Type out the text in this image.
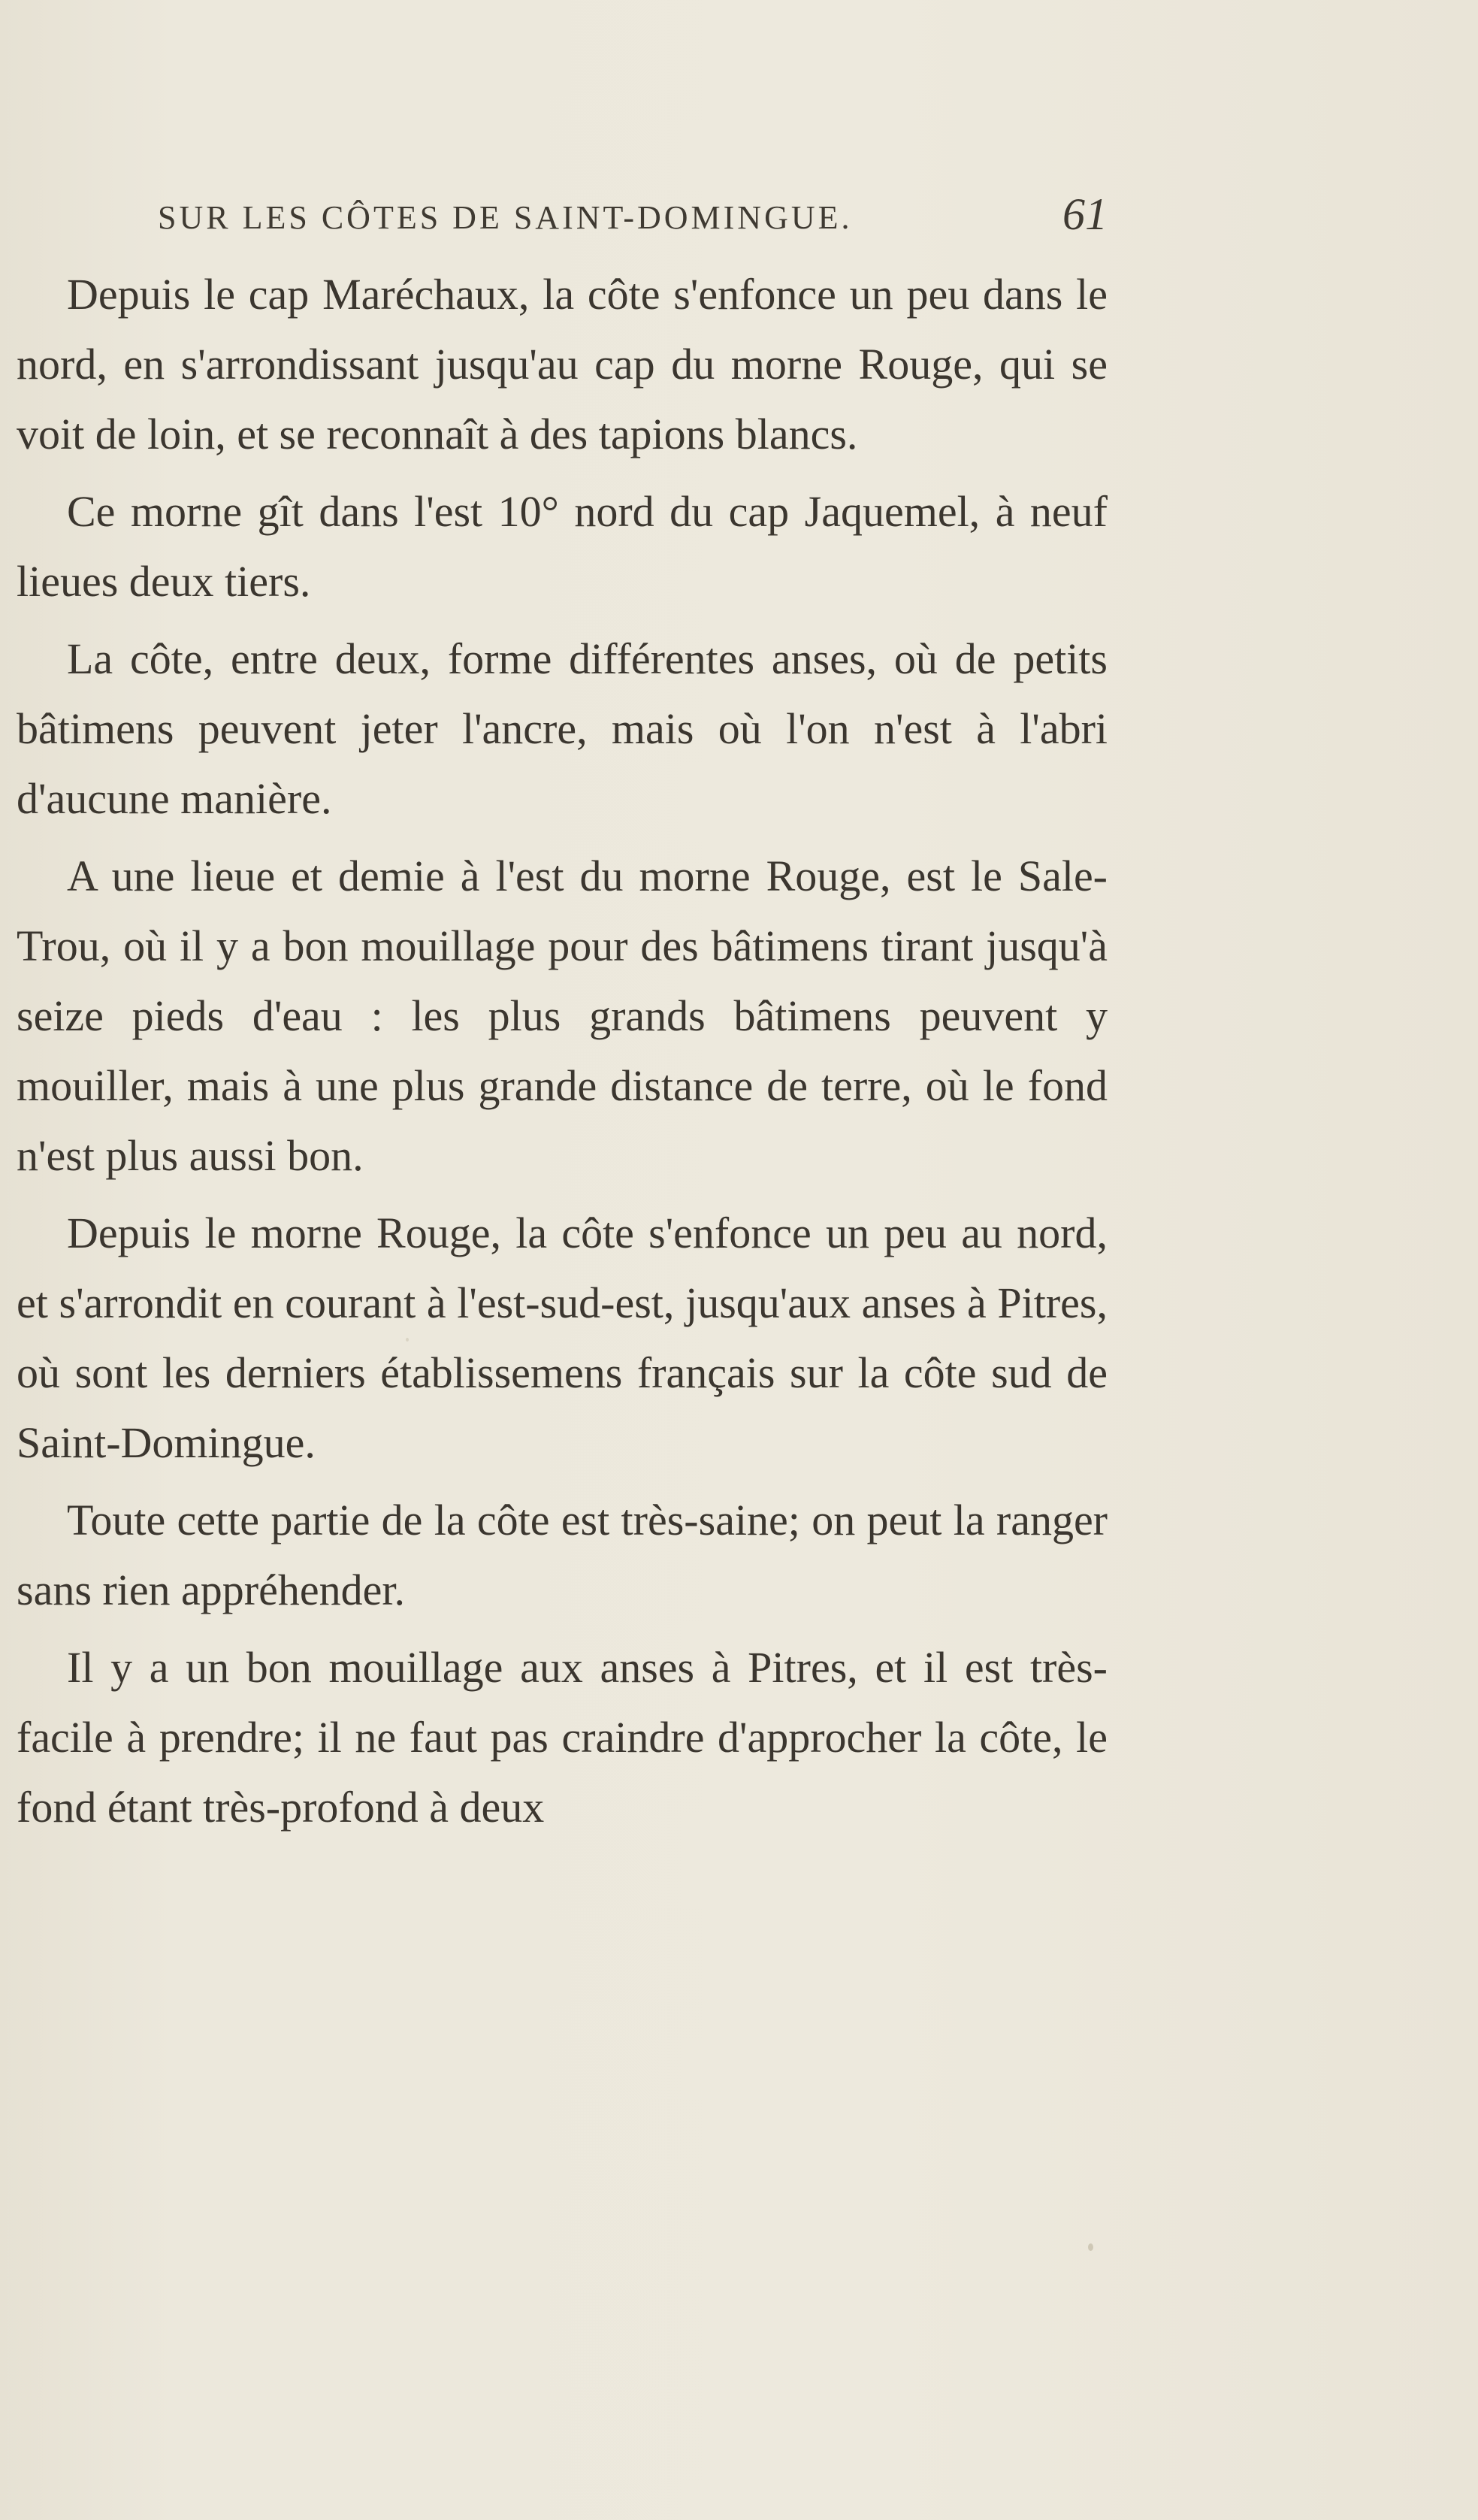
SUR LES CÔTES DE SAINT-DOMINGUE.	61

Depuis le cap Maréchaux, la côte s'enfonce un peu dans le nord, en s'arrondissant jusqu'au cap du morne Rouge, qui se voit de loin, et se reconnaît à des tapions blancs.

Ce morne gît dans l'est 10° nord du cap Jaquemel, à neuf lieues deux tiers.

La côte, entre deux, forme différentes anses, où de petits bâtimens peuvent jeter l'ancre, mais où l'on n'est à l'abri d'aucune manière.

A une lieue et demie à l'est du morne Rouge, est le Sale-Trou, où il y a bon mouillage pour des bâtimens tirant jusqu'à seize pieds d'eau : les plus grands bâtimens peuvent y mouiller, mais à une plus grande distance de terre, où le fond n'est plus aussi bon.

Depuis le morne Rouge, la côte s'enfonce un peu au nord, et s'arrondit en courant à l'est-sud-est, jusqu'aux anses à Pitres, où sont les derniers établissemens français sur la côte sud de Saint-Domingue.

Toute cette partie de la côte est très-saine; on peut la ranger sans rien appréhender.

Il y a un bon mouillage aux anses à Pitres, et il est très-facile à prendre; il ne faut pas craindre d'approcher la côte, le fond étant très-profond à deux
